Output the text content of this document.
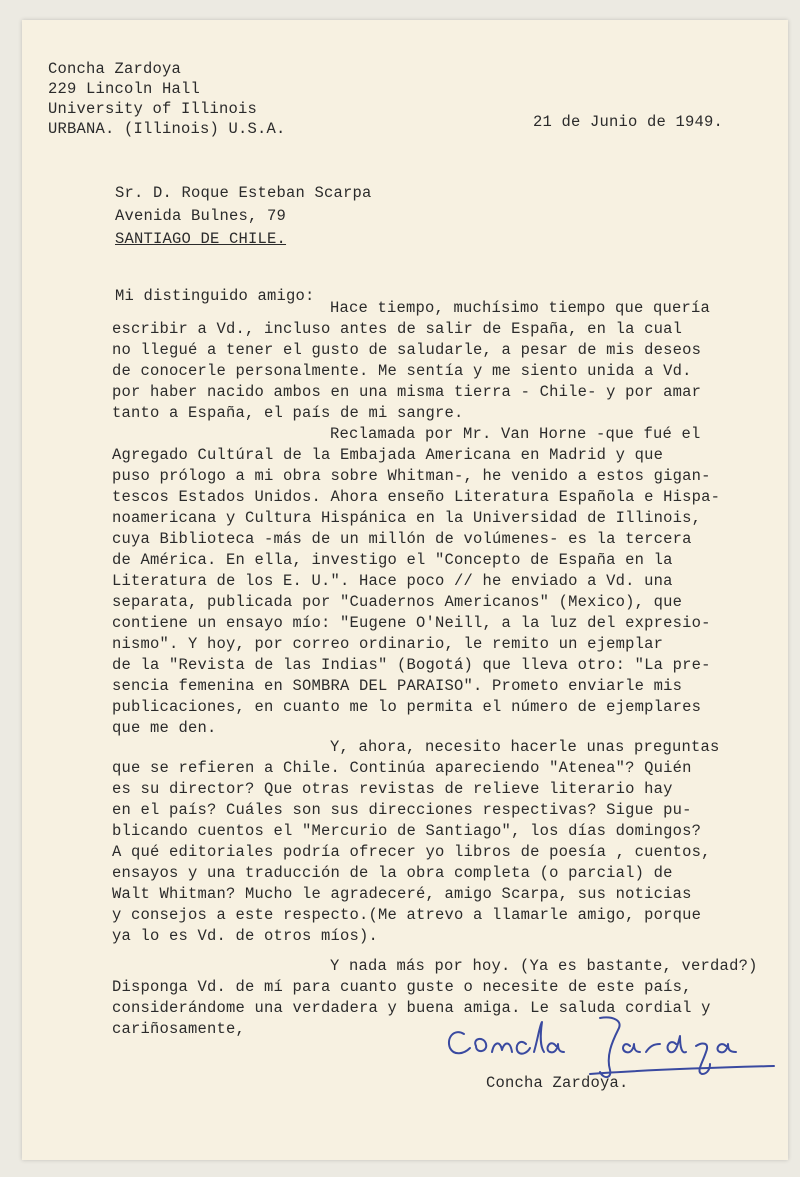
Concha Zardoya
229 Lincoln Hall
University of Illinois
URBANA. (Illinois) U.S.A.	21 de Junio de 1949.
Sr. D. Roque Esteban Scarpa
Avenida Bulnes, 79
SANTIAGO DE CHILE.
Mi distinguido amigo:
Hace tiempo, muchísimo tiempo que quería
escribir a Vd., incluso antes de salir de España, en la cual
no llegué a tener el gusto de saludarle, a pesar de mis deseos
de conocerle personalmente. Me sentía y me siento unida a Vd.
por haber nacido ambos en una misma tierra - Chile- y por amar
tanto a España, el país de mi sangre.
Reclamada por Mr. Van Horne -que fué el
Agregado Cultúral de la Embajada Americana en Madrid y que
puso prólogo a mi obra sobre Whitman-, he venido a estos gigan-
tescos Estados Unidos. Ahora enseño Literatura Española e Hispa-
noamericana y Cultura Hispánica en la Universidad de Illinois,
cuya Biblioteca -más de un millón de volúmenes- es la tercera
de América. En ella, investigo el "Concepto de España en la
Literatura de los E. U.". Hace poco // he enviado a Vd. una
separata, publicada por "Cuadernos Americanos" (Mexico), que
contiene un ensayo mío: "Eugene O'Neill, a la luz del expresio-
nismo". Y hoy, por correo ordinario, le remito un ejemplar
de la "Revista de las Indias" (Bogotá) que lleva otro: "La pre-
sencia femenina en SOMBRA DEL PARAISO". Prometo enviarle mis
publicaciones, en cuanto me lo permita el número de ejemplares
que me den.
Y, ahora, necesito hacerle unas preguntas
que se refieren a Chile. Continúa apareciendo "Atenea"? Quién
es su director? Que otras revistas de relieve literario hay
en el país? Cuáles son sus direcciones respectivas? Sigue pu-
blicando cuentos el "Mercurio de Santiago", los días domingos?
A qué editoriales podría ofrecer yo libros de poesía , cuentos,
ensayos y una traducción de la obra completa (o parcial) de
Walt Whitman? Mucho le agradeceré, amigo Scarpa, sus noticias
y consejos a este respecto.(Me atrevo a llamarle amigo, porque
ya lo es Vd. de otros míos).
Y nada más por hoy. (Ya es bastante, verdad?)
Disponga Vd. de mí para cuanto guste o necesite de este país,
considerándome una verdadera y buena amiga. Le saluda cordial y
cariñosamente,
Concha Zardoya.
